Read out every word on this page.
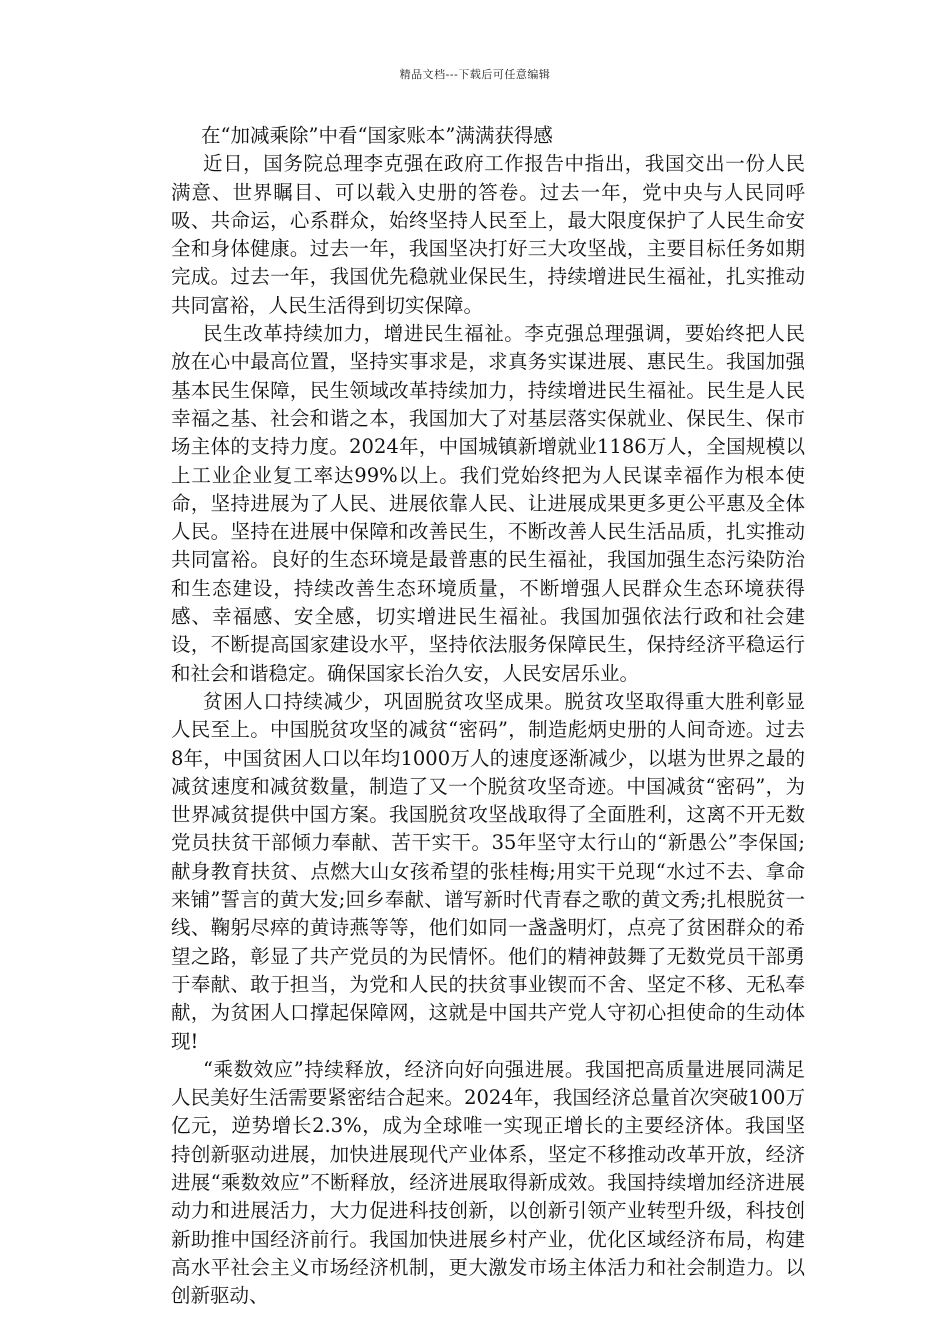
精品文档---下载后可任意编辑
在“加减乘除”中看“国家账本”满满获得感

近日，国务院总理李克强在政府工作报告中指出，我国交出一份人民满意、世界瞩目、可以载入史册的答卷。过去一年，党中央与人民同呼吸、共命运，心系群众，始终坚持人民至上，最大限度保护了人民生命安全和身体健康。过去一年，我国坚决打好三大攻坚战，主要目标任务如期完成。过去一年，我国优先稳就业保民生，持续增进民生福祉，扎实推动共同富裕，人民生活得到切实保障。

民生改革持续加力，增进民生福祉。李克强总理强调，要始终把人民放在心中最高位置，坚持实事求是，求真务实谋进展、惠民生。我国加强基本民生保障，民生领域改革持续加力，持续增进民生福祉。民生是人民幸福之基、社会和谐之本，我国加大了对基层落实保就业、保民生、保市场主体的支持力度。2024年，中国城镇新增就业1186万人，全国规模以上工业企业复工率达99%以上。我们党始终把为人民谋幸福作为根本使命，坚持进展为了人民、进展依靠人民、让进展成果更多更公平惠及全体人民。坚持在进展中保障和改善民生，不断改善人民生活品质，扎实推动共同富裕。良好的生态环境是最普惠的民生福祉，我国加强生态污染防治和生态建设，持续改善生态环境质量，不断增强人民群众生态环境获得感、幸福感、安全感，切实增进民生福祉。我国加强依法行政和社会建设，不断提高国家建设水平，坚持依法服务保障民生，保持经济平稳运行和社会和谐稳定。确保国家长治久安，人民安居乐业。

贫困人口持续减少，巩固脱贫攻坚成果。脱贫攻坚取得重大胜利彰显人民至上。中国脱贫攻坚的减贫“密码”，制造彪炳史册的人间奇迹。过去8年，中国贫困人口以年均1000万人的速度逐渐减少，以堪为世界之最的减贫速度和减贫数量，制造了又一个脱贫攻坚奇迹。中国减贫“密码”，为世界减贫提供中国方案。我国脱贫攻坚战取得了全面胜利，这离不开无数党员扶贫干部倾力奉献、苦干实干。35年坚守太行山的“新愚公”李保国;献身教育扶贫、点燃大山女孩希望的张桂梅;用实干兑现“水过不去、拿命来铺”誓言的黄大发;回乡奉献、谱写新时代青春之歌的黄文秀;扎根脱贫一线、鞠躬尽瘁的黄诗燕等等，他们如同一盏盏明灯，点亮了贫困群众的希望之路，彰显了共产党员的为民情怀。他们的精神鼓舞了无数党员干部勇于奉献、敢于担当，为党和人民的扶贫事业锲而不舍、坚定不移、无私奉献，为贫困人口撑起保障网，这就是中国共产党人守初心担使命的生动体现!

“乘数效应”持续释放，经济向好向强进展。我国把高质量进展同满足人民美好生活需要紧密结合起来。2024年，我国经济总量首次突破100万亿元，逆势增长2.3%，成为全球唯一实现正增长的主要经济体。我国坚持创新驱动进展，加快进展现代产业体系，坚定不移推动改革开放，经济进展“乘数效应”不断释放，经济进展取得新成效。我国持续增加经济进展动力和进展活力，大力促进科技创新，以创新引领产业转型升级，科技创新助推中国经济前行。我国加快进展乡村产业，优化区域经济布局，构建高水平社会主义市场经济机制，更大激发市场主体活力和社会制造力。以创新驱动、
